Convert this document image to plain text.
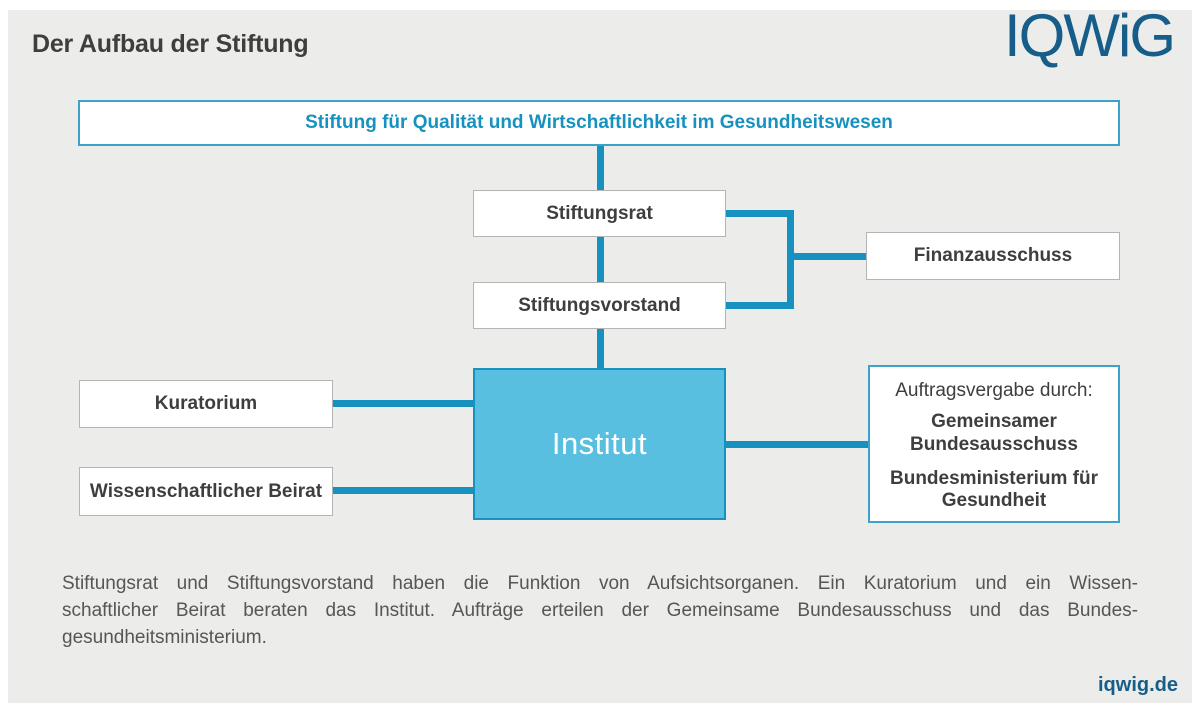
Der Aufbau der Stiftung	IQWiG
Stiftung für Qualität und Wirtschaftlichkeit im Gesundheitswesen
Stiftungsrat
Stiftungsvorstand
Finanzausschuss
Kuratorium
Wissenschaftlicher Beirat
Institut
Auftragsvergabe durch:
Gemeinsamer Bundesausschuss
Bundesministerium für Gesundheit
Stiftungsrat und Stiftungsvorstand haben die Funktion von Aufsichtsorganen. Ein Kuratorium und ein Wissen-
schaftlicher Beirat beraten das Institut. Aufträge erteilen der Gemeinsame Bundesausschuss und das Bundes-
gesundheitsministerium.
iqwig.de
